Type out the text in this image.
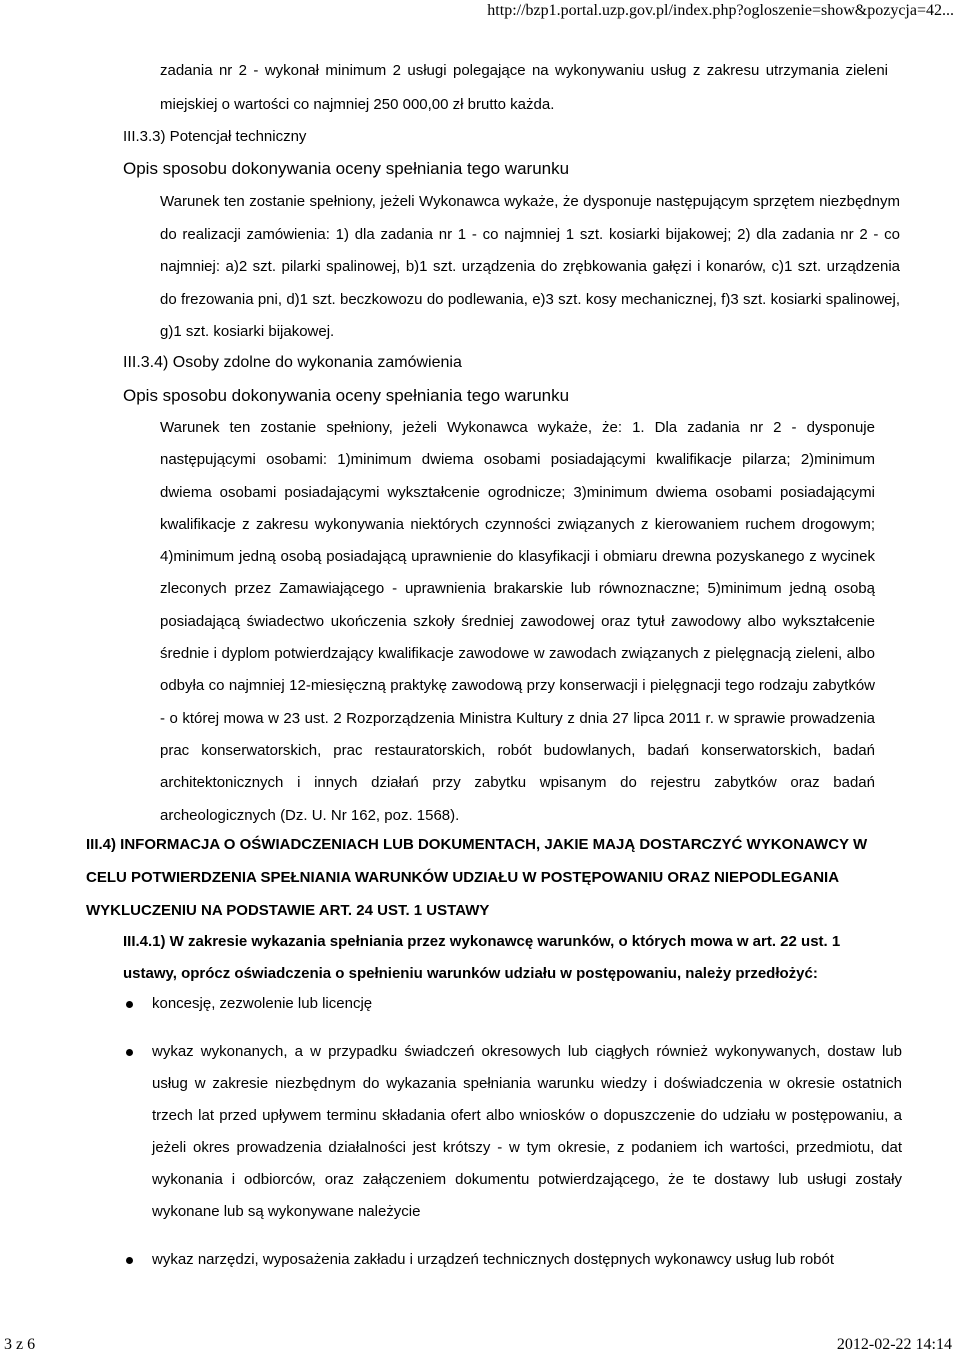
http://bzp1.portal.uzp.gov.pl/index.php?ogloszenie=show&pozycja=42...

zadania nr 2 - wykonał minimum 2 usługi polegające na wykonywaniu usług z zakresu utrzymania zieleni miejskiej o wartości co najmniej 250 000,00 zł brutto każda.

III.3.3) Potencjał techniczny

Opis sposobu dokonywania oceny spełniania tego warunku

Warunek ten zostanie spełniony, jeżeli Wykonawca wykaże, że dysponuje następującym sprzętem niezbędnym do realizacji zamówienia: 1) dla zadania nr 1 - co najmniej 1 szt. kosiarki bijakowej; 2) dla zadania nr 2 - co najmniej: a)2 szt. pilarki spalinowej, b)1 szt. urządzenia do zrębkowania gałęzi i konarów, c)1 szt. urządzenia do frezowania pni, d)1 szt. beczkowozu do podlewania, e)3 szt. kosy mechanicznej, f)3 szt. kosiarki spalinowej, g)1 szt. kosiarki bijakowej.

III.3.4) Osoby zdolne do wykonania zamówienia

Opis sposobu dokonywania oceny spełniania tego warunku

Warunek ten zostanie spełniony, jeżeli Wykonawca wykaże, że: 1. Dla zadania nr 2 - dysponuje następującymi osobami: 1)minimum dwiema osobami posiadającymi kwalifikacje pilarza; 2)minimum dwiema osobami posiadającymi wykształcenie ogrodnicze; 3)minimum dwiema osobami posiadającymi kwalifikacje z zakresu wykonywania niektórych czynności związanych z kierowaniem ruchem drogowym; 4)minimum jedną osobą posiadającą uprawnienie do klasyfikacji i obmiaru drewna pozyskanego z wycinek zleconych przez Zamawiającego - uprawnienia brakarskie lub równoznaczne; 5)minimum jedną osobą posiadającą świadectwo ukończenia szkoły średniej zawodowej oraz tytuł zawodowy albo wykształcenie średnie i dyplom potwierdzający kwalifikacje zawodowe w zawodach związanych z pielęgnacją zieleni, albo odbyła co najmniej 12-miesięczną praktykę zawodową przy konserwacji i pielęgnacji tego rodzaju zabytków - o której mowa w 23 ust. 2 Rozporządzenia Ministra Kultury z dnia 27 lipca 2011 r. w sprawie prowadzenia prac konserwatorskich, prac restauratorskich, robót budowlanych, badań konserwatorskich, badań architektonicznych i innych działań przy zabytku wpisanym do rejestru zabytków oraz badań archeologicznych (Dz. U. Nr 162, poz. 1568).

III.4) INFORMACJA O OŚWIADCZENIACH LUB DOKUMENTACH, JAKIE MAJĄ DOSTARCZYĆ WYKONAWCY W CELU POTWIERDZENIA SPEŁNIANIA WARUNKÓW UDZIAŁU W POSTĘPOWANIU ORAZ NIEPODLEGANIA WYKLUCZENIU NA PODSTAWIE ART. 24 UST. 1 USTAWY

III.4.1) W zakresie wykazania spełniania przez wykonawcę warunków, o których mowa w art. 22 ust. 1 ustawy, oprócz oświadczenia o spełnieniu warunków udziału w postępowaniu, należy przedłożyć:

koncesję, zezwolenie lub licencję
wykaz wykonanych, a w przypadku świadczeń okresowych lub ciągłych również wykonywanych, dostaw lub usług w zakresie niezbędnym do wykazania spełniania warunku wiedzy i doświadczenia w okresie ostatnich trzech lat przed upływem terminu składania ofert albo wniosków o dopuszczenie do udziału w postępowaniu, a jeżeli okres prowadzenia działalności jest krótszy - w tym okresie, z podaniem ich wartości, przedmiotu, dat wykonania i odbiorców, oraz załączeniem dokumentu potwierdzającego, że te dostawy lub usługi zostały wykonane lub są wykonywane należycie
wykaz narzędzi, wyposażenia zakładu i urządzeń technicznych dostępnych wykonawcy usług lub robót
3 z 6	2012-02-22 14:14
